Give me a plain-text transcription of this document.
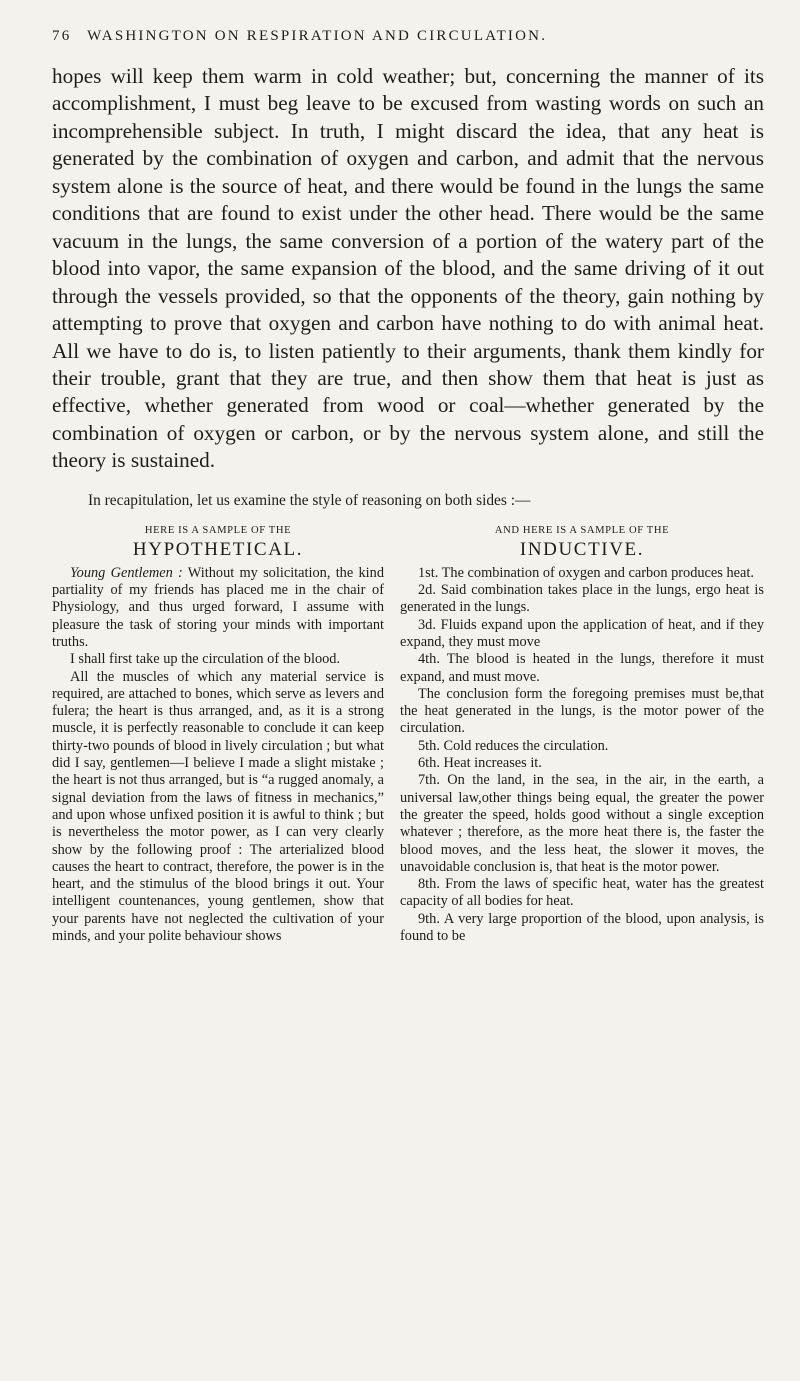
76 WASHINGTON ON RESPIRATION AND CIRCULATION.

hopes will keep them warm in cold weather; but, concerning the manner of its accomplishment, I must beg leave to be excused from wasting words on such an incomprehensible subject. In truth, I might discard the idea, that any heat is generated by the combination of oxygen and carbon, and admit that the nervous system alone is the source of heat, and there would be found in the lungs the same conditions that are found to exist under the other head. There would be the same vacuum in the lungs, the same conversion of a portion of the watery part of the blood into vapor, the same expansion of the blood, and the same driving of it out through the vessels provided, so that the opponents of the theory, gain nothing by attempting to prove that oxygen and carbon have nothing to do with animal heat. All we have to do is, to listen patiently to their arguments, thank them kindly for their trouble, grant that they are true, and then show them that heat is just as effective, whether generated from wood or coal—whether generated by the combination of oxygen or carbon, or by the nervous system alone, and still the theory is sustained.

In recapitulation, let us examine the style of reasoning on both sides :—
HERE IS A SAMPLE OF THE
HYPOTHETICAL.

Young Gentlemen : Without my solicitation, the kind partiality of my friends has placed me in the chair of Physiology, and thus urged forward, I assume with pleasure the task of storing your minds with important truths.

I shall first take up the circulation of the blood.

All the muscles of which any material service is required, are attached to bones, which serve as levers and fulera; the heart is thus arranged, and, as it is a strong muscle, it is perfectly reasonable to conclude it can keep thirty-two pounds of blood in lively circulation ; but what did I say, gentlemen—I believe I made a slight mistake ; the heart is not thus arranged, but is “a rugged anomaly, a signal deviation from the laws of fitness in mechanics,” and upon whose unfixed position it is awful to think ; but is nevertheless the motor power, as I can very clearly show by the following proof : The arterialized blood causes the heart to contract, therefore, the power is in the heart, and the stimulus of the blood brings it out. Your intelligent countenances, young gentlemen, show that your parents have not neglected the cultivation of your minds, and your polite behaviour shows

AND HERE IS A SAMPLE OF THE
INDUCTIVE.

1st. The combination of oxygen and carbon produces heat.

2d. Said combination takes place in the lungs, ergo heat is generated in the lungs.

3d. Fluids expand upon the application of heat, and if they expand, they must move

4th. The blood is heated in the lungs, therefore it must expand, and must move.

The conclusion form the foregoing premises must be,that the heat generated in the lungs, is the motor power of the circulation.

5th. Cold reduces the circulation.

6th. Heat increases it.

7th. On the land, in the sea, in the air, in the earth, a universal law,other things being equal, the greater the power the greater the speed, holds good without a single exception whatever ; therefore, as the more heat there is, the faster the blood moves, and the less heat, the slower it moves, the unavoidable conclusion is, that heat is the motor power.

8th. From the laws of specific heat, water has the greatest capacity of all bodies for heat.

9th. A very large proportion of the blood, upon analysis, is found to be
